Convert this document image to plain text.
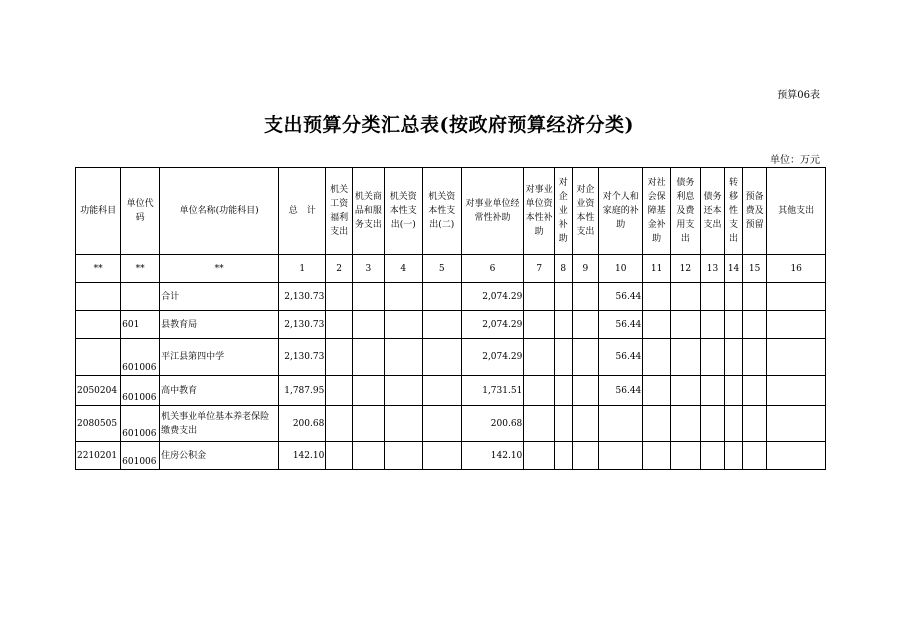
预算06表
支出预算分类汇总表(按政府预算经济分类)
单位：万元
功能科目	单位代码	单位名称(功能科目)	总　计	机关工资福利支出	机关商品和服务支出	机关资本性支出(一)	机关资本性支出(二)	对事业单位经常性补助	对事业单位资本性补助	对企业补助	对企业资本性支出	对个人和家庭的补助	对社会保障基金补助	债务利息及费用支出	债务还本支出	转移性支出	预备费及预留	其他支出
**	**	**	1	2	3	4	5	6	7	8	9	10	11	12	13	14	15	16
		合计	2,130.73					2,074.29				56.44						
	601	县教育局	2,130.73					2,074.29				56.44						
	601006	平江县第四中学	2,130.73					2,074.29				56.44						
2050204	601006	高中教育	1,787.95					1,731.51				56.44						
2080505	601006	机关事业单位基本养老保险缴费支出	200.68					200.68										
2210201	601006	住房公积金	142.10					142.10										
